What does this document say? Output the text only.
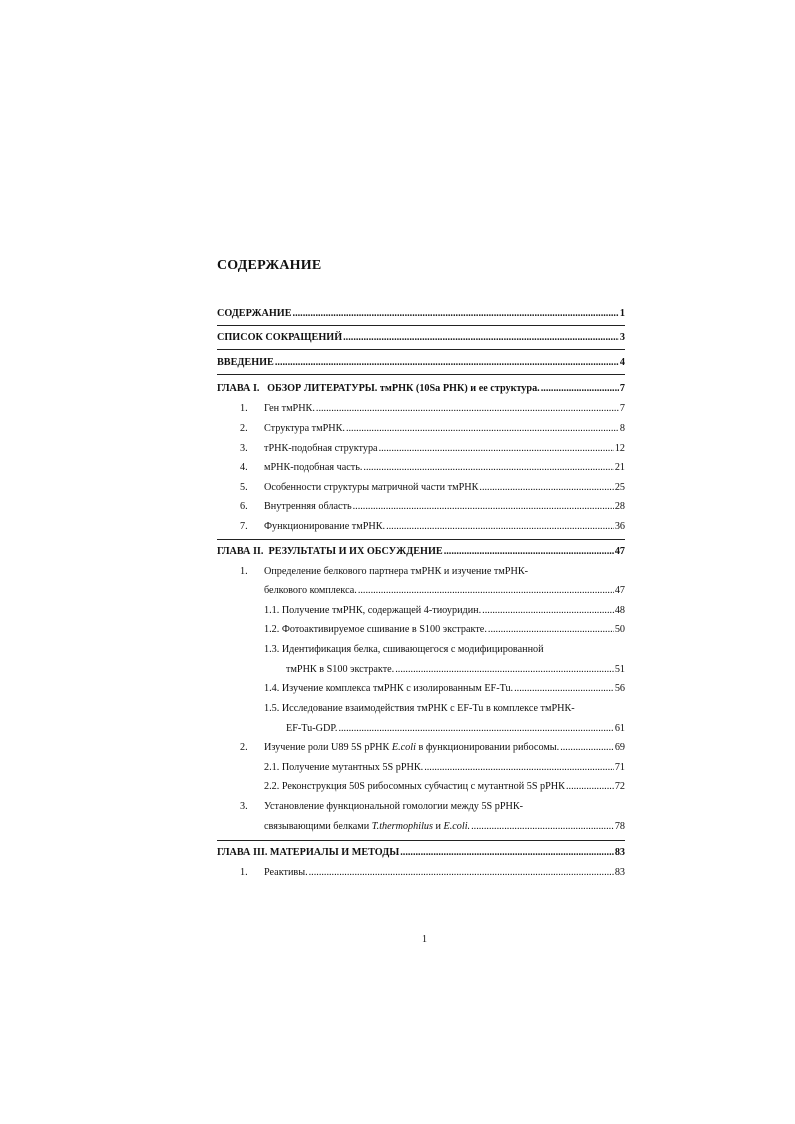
СОДЕРЖАНИЕ
СОДЕРЖАНИЕ .....	1
СПИСОК СОКРАЩЕНИЙ .....	3
ВВЕДЕНИЕ .....	4
ГЛАВА I.   ОБЗОР ЛИТЕРАТУРЫ. тмРНК (10Sa РНК) и ее структура. .....	7
1.	Ген тмРНК. .....	7
2.	Структура тмРНК. .....	8
3.	тРНК-подобная структура .....	12
4.	мРНК-подобная часть. .....	21
5.	Особенности структуры матричной части тмРНК .....	25
6.	Внутренняя область .....	28
7.	Функционирование тмРНК. .....	36
ГЛАВА II.  РЕЗУЛЬТАТЫ И ИХ ОБСУЖДЕНИЕ .....	47
1.	Определение белкового партнера тмРНК и изучение тмРНК-
белкового комплекса. .....	47
1.1. Получение тмРНК, содержащей 4-тиоуридин. .....	48
1.2. Фотоактивируемое сшивание в S100 экстракте. .....	50
1.3. Идентификация белка, сшивающегося с модифицированной
тмРНК в S100 экстракте. .....	51
1.4. Изучение комплекса тмРНК с изолированным EF-Tu. .....	56
1.5. Исследование взаимодействия тмРНК с EF-Tu в комплексе тмРНК-
EF-Tu-GDP. .....	61
2.	Изучение роли U89 5S рРНК E.coli в функционировании рибосомы. .....	69
2.1. Получение мутантных 5S рРНК. .....	71
2.2. Реконструкция 50S рибосомных субчастиц с мутантной 5S рРНК .....	72
3.	Установление функциональной гомологии между 5S рРНК-
связывающими белками T.thermophilus и E.coli. .....	78
ГЛАВА III. МАТЕРИАЛЫ И МЕТОДЫ .....	83
1.	Реактивы. .....	83
1
